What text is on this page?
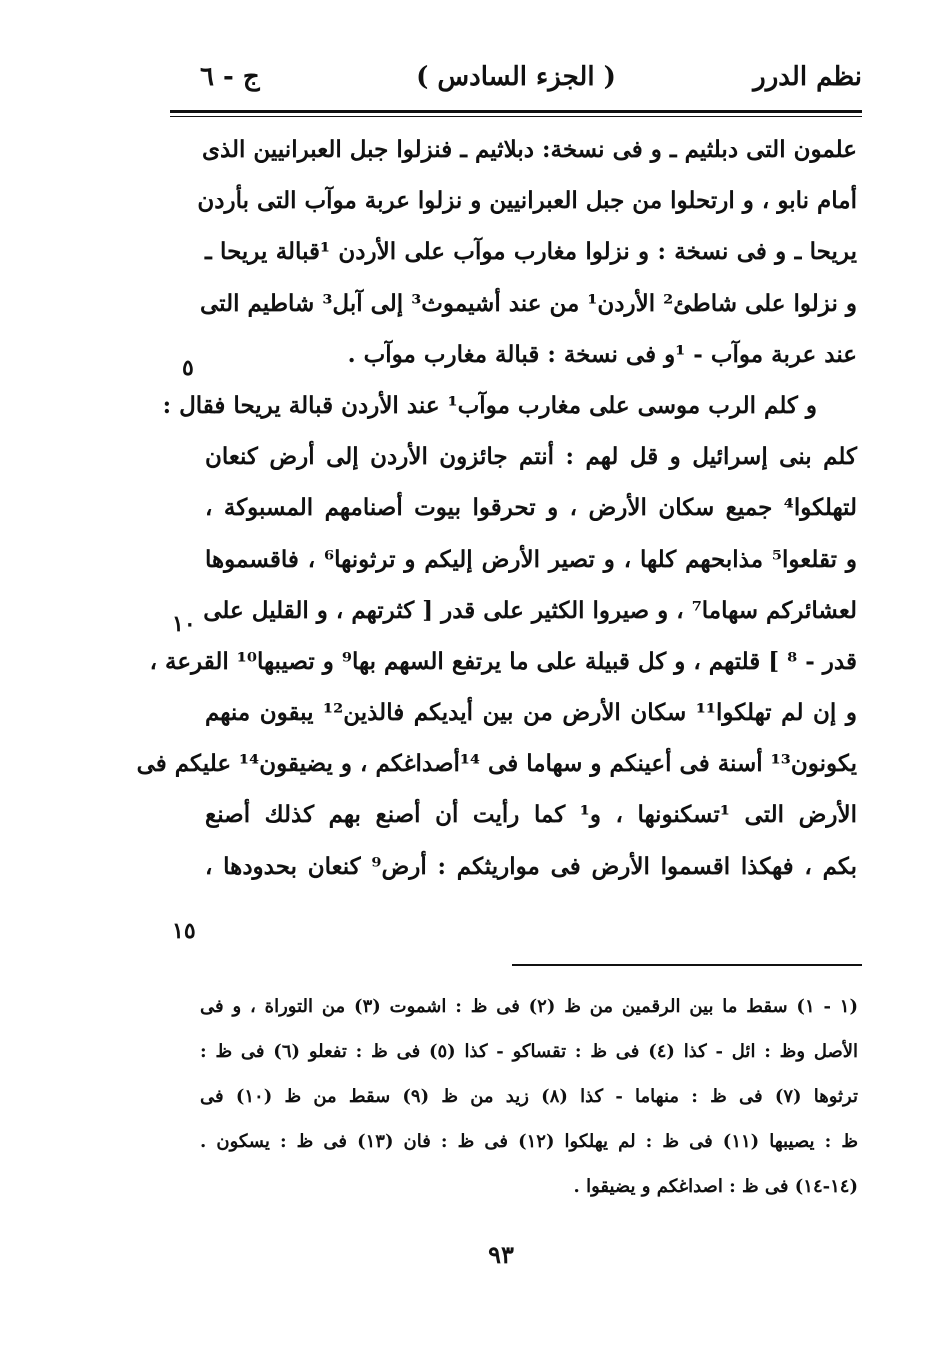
نظم الدرر
( الجزء السادس )
ج - ٦
علمون التى دبلثيم ـ و فى نسخة: دبلاثيم ـ فنزلوا جبل العبرانيين الذى
أمام نابو ، و ارتحلوا من جبل العبرانيين و نزلوا عربة موآب التى بأردن
يريحا ـ و فى نسخة : و نزلوا مغارب موآب على الأردن ¹قبالة يريحا ـ
و نزلوا على شاطئ² الأردن¹ من عند أشيموث³ إلى آبل³ شاطيم التى
عند عربة موآب - ¹و فى نسخة : قبالة مغارب موآب .
و كلم الرب موسى على مغارب موآب¹ عند الأردن قبالة يريحا فقال :
كلم بنى إسرائيل و قل لهم : أنتم جائزون الأردن إلى أرض كنعان
لتهلكوا⁴ جميع سكان الأرض ، و تحرقوا بيوت أصنامهم المسبوكة ،
و تقلعوا⁵ مذابحهم كلها ، و تصير الأرض إليكم و ترثونها⁶ ، فاقسموها
لعشائركم سهاما⁷ ، و صيروا الكثير على قدر [ كثرتهم ، و القليل على
قدر - ⁸ ] قلتهم ، و كل قبيلة على ما يرتفع السهم بها⁹ و تصيبها¹⁰ القرعة ،
و إن لم تهلكوا¹¹ سكان الأرض من بين أيديكم فالذين¹² يبقون منهم
يكونون¹³ أسنة فى أعينكم و سهاما فى ¹⁴أصداغكم ، و يضيقون¹⁴ عليكم فى
الأرض التى ¹تسكنونها ، و¹ كما رأيت أن أصنع بهم كذلك أصنع
بكم ، فهكذا اقسموا الأرض فى مواريثكم : أرض⁹ كنعان بحدودها ،
٥
١٠
١٥
(١ - ١) سقط ما بين الرقمين من ظ (٢) فى ظ : اشموت (٣) من التوراة ، و فى
الأصل وظ : ائل - كذا (٤) فى ظ : تقساكو - كذا (٥) فى ظ : تفعلو (٦) فى ظ :
ترثوها (٧) فى ظ : منهاما - كذا (٨) زيد من ظ (٩) سقط من ظ (١٠) فى
ظ : يصيبها (١١) فى ظ : لم يهلكوا (١٢) فى ظ : فان (١٣) فى ظ : يسكون .
(١٤-١٤) فى ظ : اصداغكم و يضيقوا .
٩٣
